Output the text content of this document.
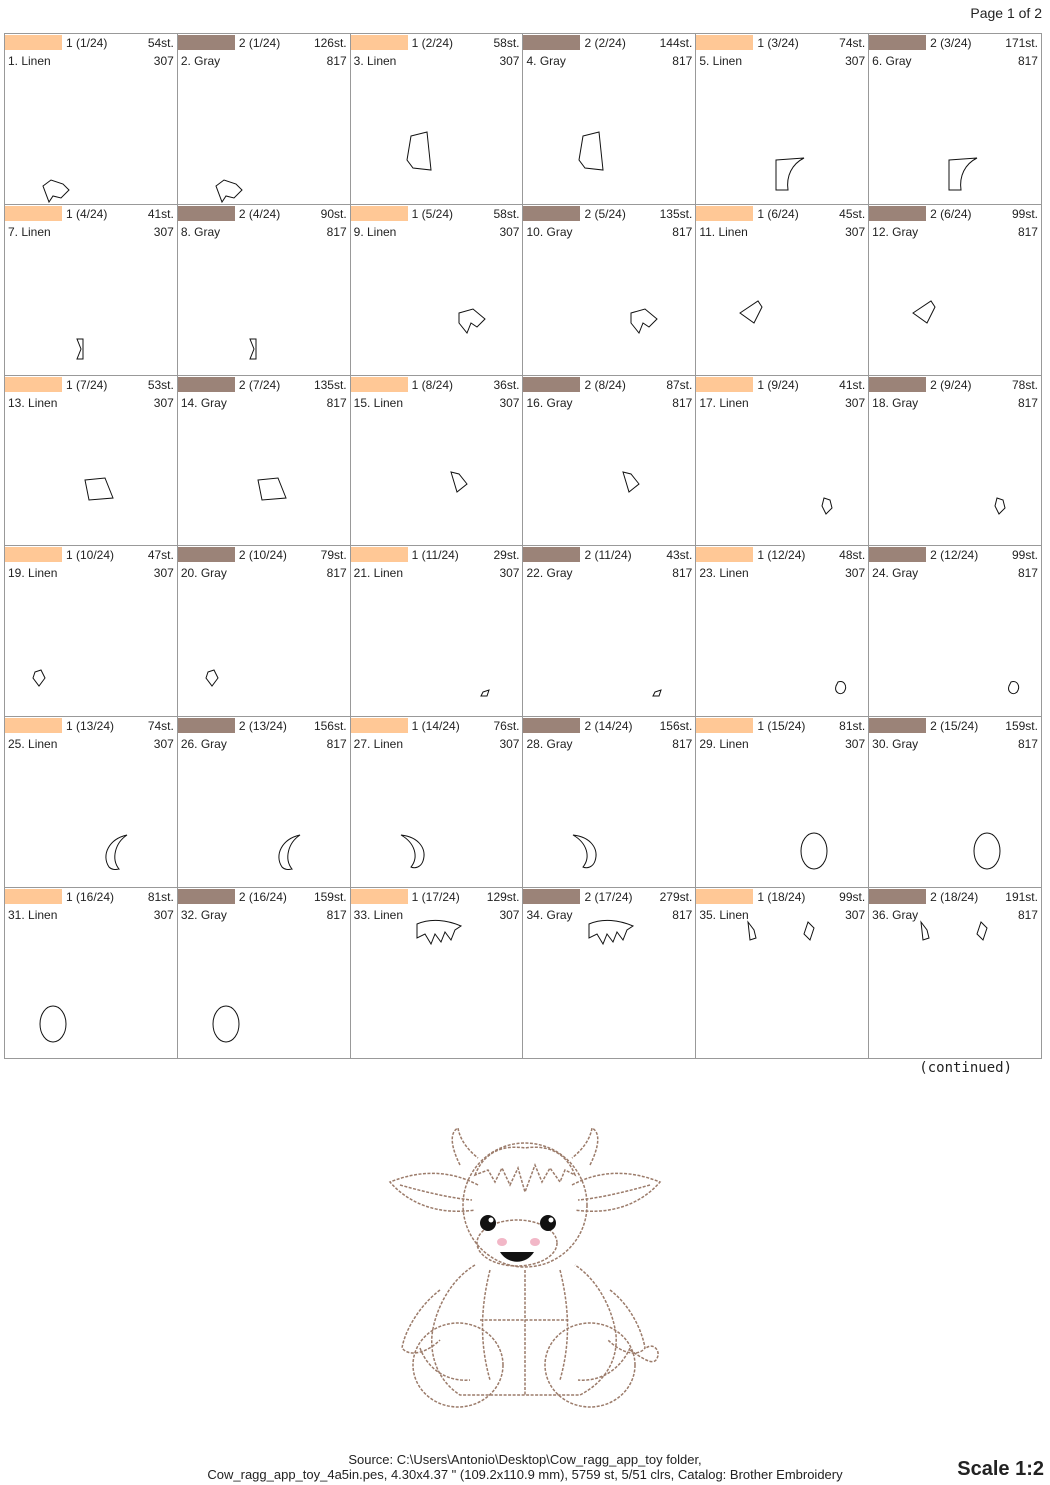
Page 1 of 2
1 (1/24)	54st.
1. Linen	307
2 (1/24)	126st.
2. Gray	817
1 (2/24)	58st.
3. Linen	307
2 (2/24)	144st.
4. Gray	817
1 (3/24)	74st.
5. Linen	307
2 (3/24)	171st.
6. Gray	817
1 (4/24)	41st.
7. Linen	307
2 (4/24)	90st.
8. Gray	817
1 (5/24)	58st.
9. Linen	307
2 (5/24)	135st.
10. Gray	817
1 (6/24)	45st.
11. Linen	307
2 (6/24)	99st.
12. Gray	817
1 (7/24)	53st.
13. Linen	307
2 (7/24)	135st.
14. Gray	817
1 (8/24)	36st.
15. Linen	307
2 (8/24)	87st.
16. Gray	817
1 (9/24)	41st.
17. Linen	307
2 (9/24)	78st.
18. Gray	817
1 (10/24)	47st.
19. Linen	307
2 (10/24)	79st.
20. Gray	817
1 (11/24)	29st.
21. Linen	307
2 (11/24)	43st.
22. Gray	817
1 (12/24)	48st.
23. Linen	307
2 (12/24)	99st.
24. Gray	817
1 (13/24)	74st.
25. Linen	307
2 (13/24) 156st.
26. Gray	817
1 (14/24)	76st.
27. Linen	307
2 (14/24) 156st.
28. Gray	817
1 (15/24)	81st.
29. Linen	307
2 (15/24) 159st.
30. Gray	817
1 (16/24)	81st.
31. Linen	307
2 (16/24) 159st.
32. Gray	817
1 (17/24) 129st.
33. Linen	307
2 (17/24) 279st.
34. Gray	817
1 (18/24)	99st.
35. Linen	307
2 (18/24) 191st.
36. Gray	817
(continued)
Source: C:\Users\Antonio\Desktop\Cow_ragg_app_toy folder,
Cow_ragg_app_toy_4a5in.pes, 4.30x4.37 " (109.2x110.9 mm), 5759 st, 5/51 clrs, Catalog: Brother Embroidery	Scale 1:2
